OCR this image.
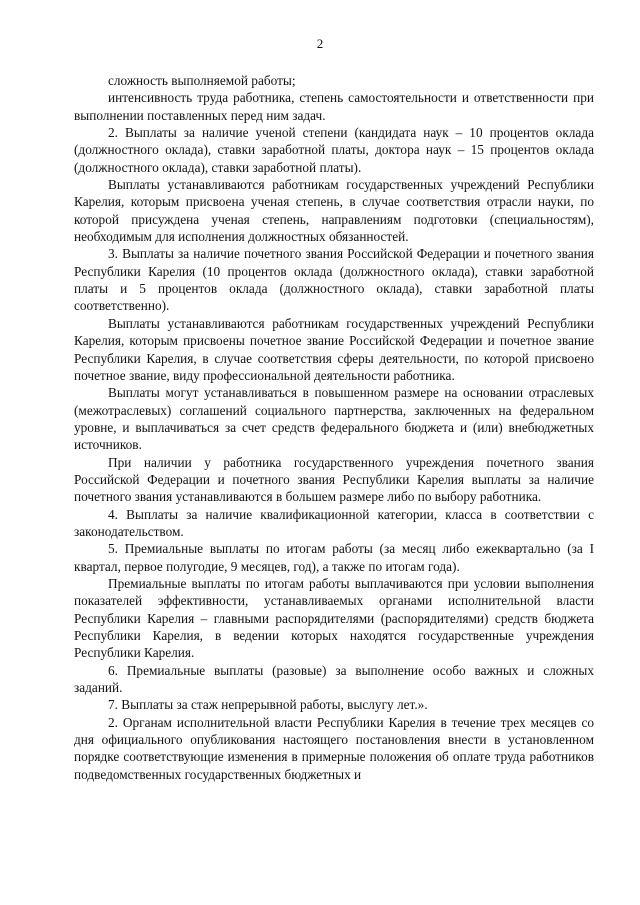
2

сложность выполняемой работы;

интенсивность труда работника, степень самостоятельности и ответственности при выполнении поставленных перед ним задач.

2. Выплаты за наличие ученой степени (кандидата наук – 10 процентов оклада (должностного оклада), ставки заработной платы, доктора наук – 15 процентов оклада (должностного оклада), ставки заработной платы).

Выплаты устанавливаются работникам государственных учреждений Республики Карелия, которым присвоена ученая степень, в случае соответствия отрасли науки, по которой присуждена ученая степень, направлениям подготовки (специальностям), необходимым для исполнения должностных обязанностей.

3. Выплаты за наличие почетного звания Российской Федерации и почетного звания Республики Карелия (10 процентов оклада (должностного оклада), ставки заработной платы и 5 процентов оклада (должностного оклада), ставки заработной платы соответственно).

Выплаты устанавливаются работникам государственных учреждений Республики Карелия, которым присвоены почетное звание Российской Федерации и почетное звание Республики Карелия, в случае соответствия сферы деятельности, по которой присвоено почетное звание, виду профессиональной деятельности работника.

Выплаты могут устанавливаться в повышенном размере на основании отраслевых (межотраслевых) соглашений социального партнерства, заключенных на федеральном уровне, и выплачиваться за счет средств федерального бюджета и (или) внебюджетных источников.

При наличии у работника государственного учреждения почетного звания Российской Федерации и почетного звания Республики Карелия выплаты за наличие почетного звания устанавливаются в большем размере либо по выбору работника.

4. Выплаты за наличие квалификационной категории, класса в соответствии с законодательством.

5. Премиальные выплаты по итогам работы (за месяц либо ежеквартально (за I квартал, первое полугодие, 9 месяцев, год), а также по итогам года).

Премиальные выплаты по итогам работы выплачиваются при условии выполнения показателей эффективности, устанавливаемых органами исполнительной власти Республики Карелия – главными распорядителями (распорядителями) средств бюджета Республики Карелия, в ведении которых находятся государственные учреждения Республики Карелия.

6. Премиальные выплаты (разовые) за выполнение особо важных и сложных заданий.

7. Выплаты за стаж непрерывной работы, выслугу лет.».

2. Органам исполнительной власти Республики Карелия в течение трех месяцев со дня официального опубликования настоящего постановления внести в установленном порядке соответствующие изменения в примерные положения об оплате труда работников подведомственных государственных бюджетных и
